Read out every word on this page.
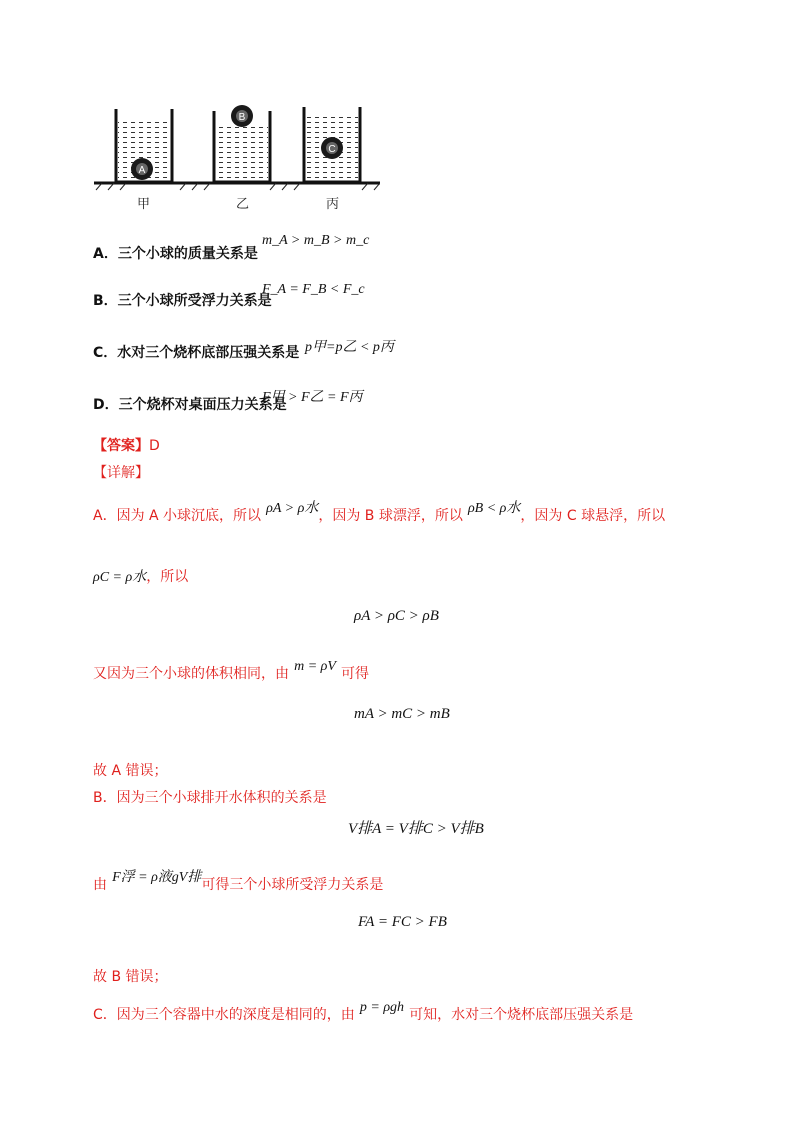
A
B
C
甲	乙	丙
A．三个小球的质量关系是
m_A > m_B > m_c
B．三个小球所受浮力关系是
F_A = F_B < F_c
C．水对三个烧杯底部压强关系是 p甲=p乙 < p丙
D．三个烧杯对桌面压力关系是
F甲 > F乙 = F丙
【答案】D
【详解】
A．因为 A 小球沉底，所以 ρA > ρ水，因为 B 球漂浮，所以 ρB < ρ水，因为 C 球悬浮，所以
ρC = ρ水，所以
ρA > ρC > ρB
又因为三个小球的体积相同，由 m = ρV 可得
mA > mC > mB
故 A 错误；
B．因为三个小球排开水体积的关系是
V排A = V排C > V排B
由 F浮 = ρ液gV排可得三个小球所受浮力关系是
FA = FC > FB
故 B 错误；
C．因为三个容器中水的深度是相同的，由 p = ρgh 可知，水对三个烧杯底部压强关系是
